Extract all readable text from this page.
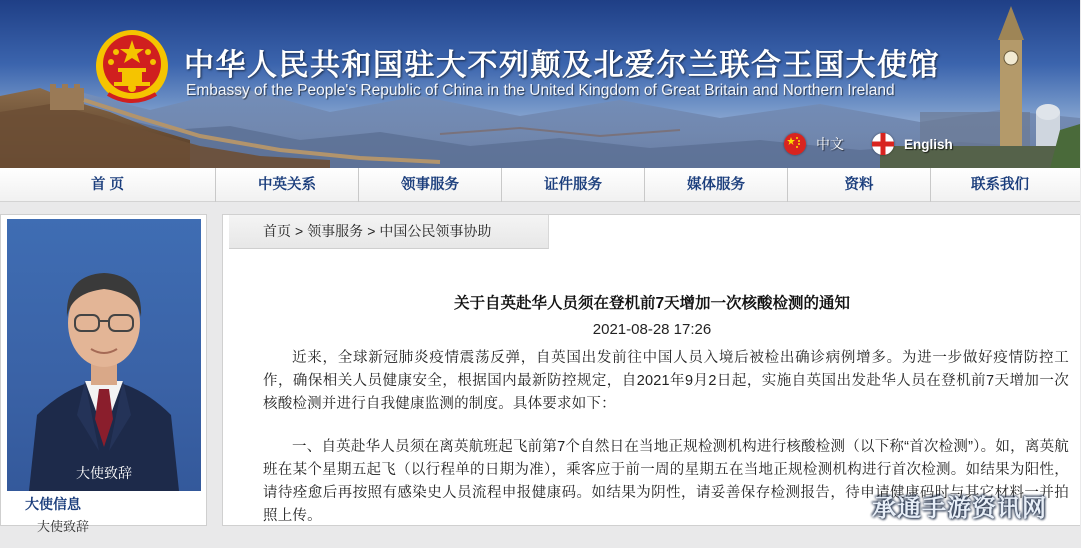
中华人民共和国驻大不列颠及北爱尔兰联合王国大使馆
Embassy of the People's Republic of China in the United Kingdom of Great Britain and Northern Ireland
中文	English
首 页	中英关系	领事服务	证件服务	媒体服务	资料	联系我们
大使致辞
大使信息
大使致辞
首页 > 领事服务 > 中国公民领事协助
关于自英赴华人员须在登机前7天增加一次核酸检测的通知
2021-08-28 17:26

近来，全球新冠肺炎疫情震荡反弹，自英国出发前往中国人员入境后被检出确诊病例增多。为进一步做好疫情防控工作，确保相关人员健康安全，根据国内最新防控规定，自2021年9月2日起，实施自英国出发赴华人员在登机前7天增加一次核酸检测并进行自我健康监测的制度。具体要求如下：

一、自英赴华人员须在离英航班起飞前第7个自然日在当地正规检测机构进行核酸检测（以下称“首次检测”）。如，离英航班在某个星期五起飞（以行程单的日期为准），乘客应于前一周的星期五在当地正规检测机构进行首次检测。如结果为阳性，请待痊愈后再按照有感染史人员流程申报健康码。如结果为阴性，请妥善保存检测报告，待申请健康码时与其它材料一并拍照上传。	承通手游资讯网
